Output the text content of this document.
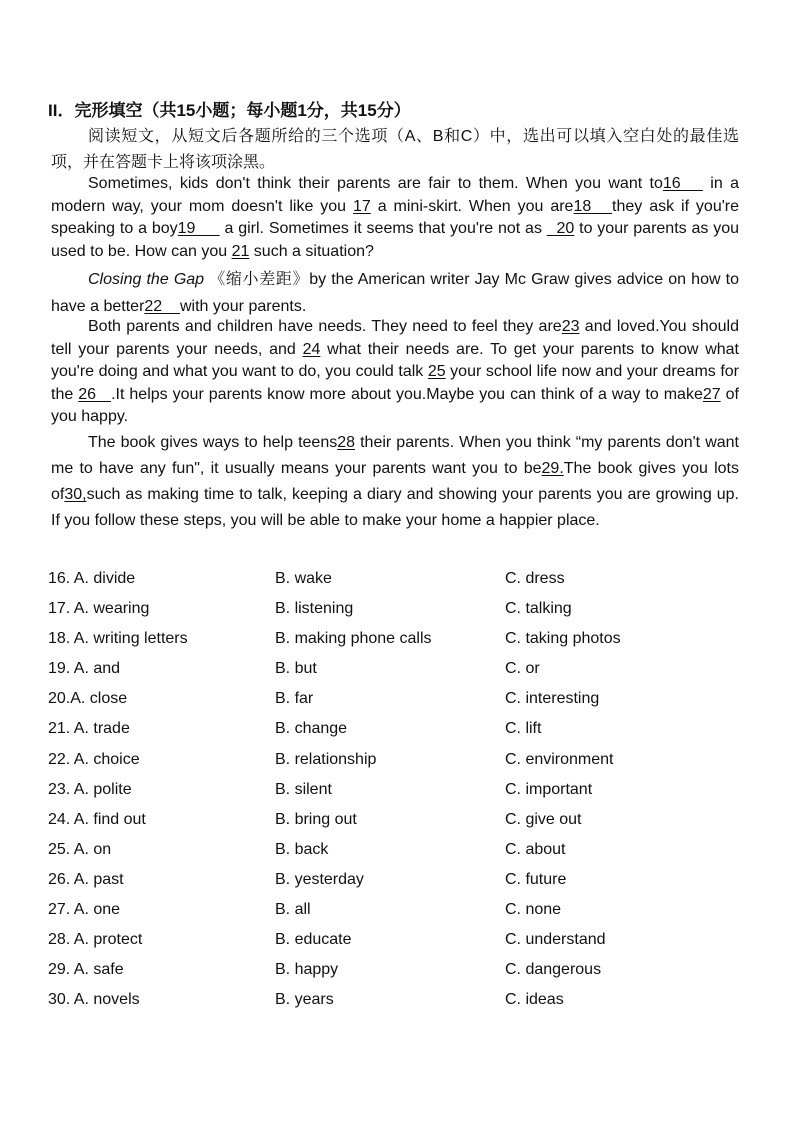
II．完形填空（共15小题；每小题1分，共15分）
阅读短文，从短文后各题所给的三个选项（A、B和C）中，选出可以填入空白处的最佳选项，并在答题卡上将该项涂黑。
Sometimes, kids don't think their parents are fair to them. When you want to16    in a modern way, your mom doesn't like you 17 a mini-skirt. When you are18   they ask if you're speaking to a boy19      a girl. Sometimes it seems that you're not as   20 to your parents as you used to be. How can you 21 such a situation?
Closing the Gap 《缩小差距》by the American writer Jay Mc Graw gives advice on how to have a better22    with your parents.
Both parents and children have needs. They need to feel they are23 and loved.You should tell your parents your needs, and 24 what their needs are. To get your parents to know what you're doing and what you want to do, you could talk 25 your school life now and your dreams for the 26   .It helps your parents know more about you.Maybe you can think of a way to make27 of you happy.
The book gives ways to help teens28 their parents. When you think “my parents don't want me to have any fun", it usually means your parents want you to be29.The book gives you lots of30,such as making time to talk, keeping a diary and showing your parents you are growing up. If you follow these steps, you will be able to make your home a happier place.
16. A. divide	B. wake	C. dress
17. A. wearing	B. listening	C. talking
18. A. writing letters	B. making phone calls	C. taking photos
19. A. and	B. but	C. or
20.A. close	B. far	C. interesting
21. A. trade	B. change	C. lift
22. A. choice	B. relationship	C. environment
23. A. polite	B. silent	C. important
24. A. find out	B. bring out	C. give out
25. A. on	B. back	C. about
26. A. past	B. yesterday	C. future
27. A. one	B. all	C. none
28. A. protect	B. educate	C. understand
29. A. safe	B. happy	C. dangerous
30. A. novels	B. years	C. ideas
